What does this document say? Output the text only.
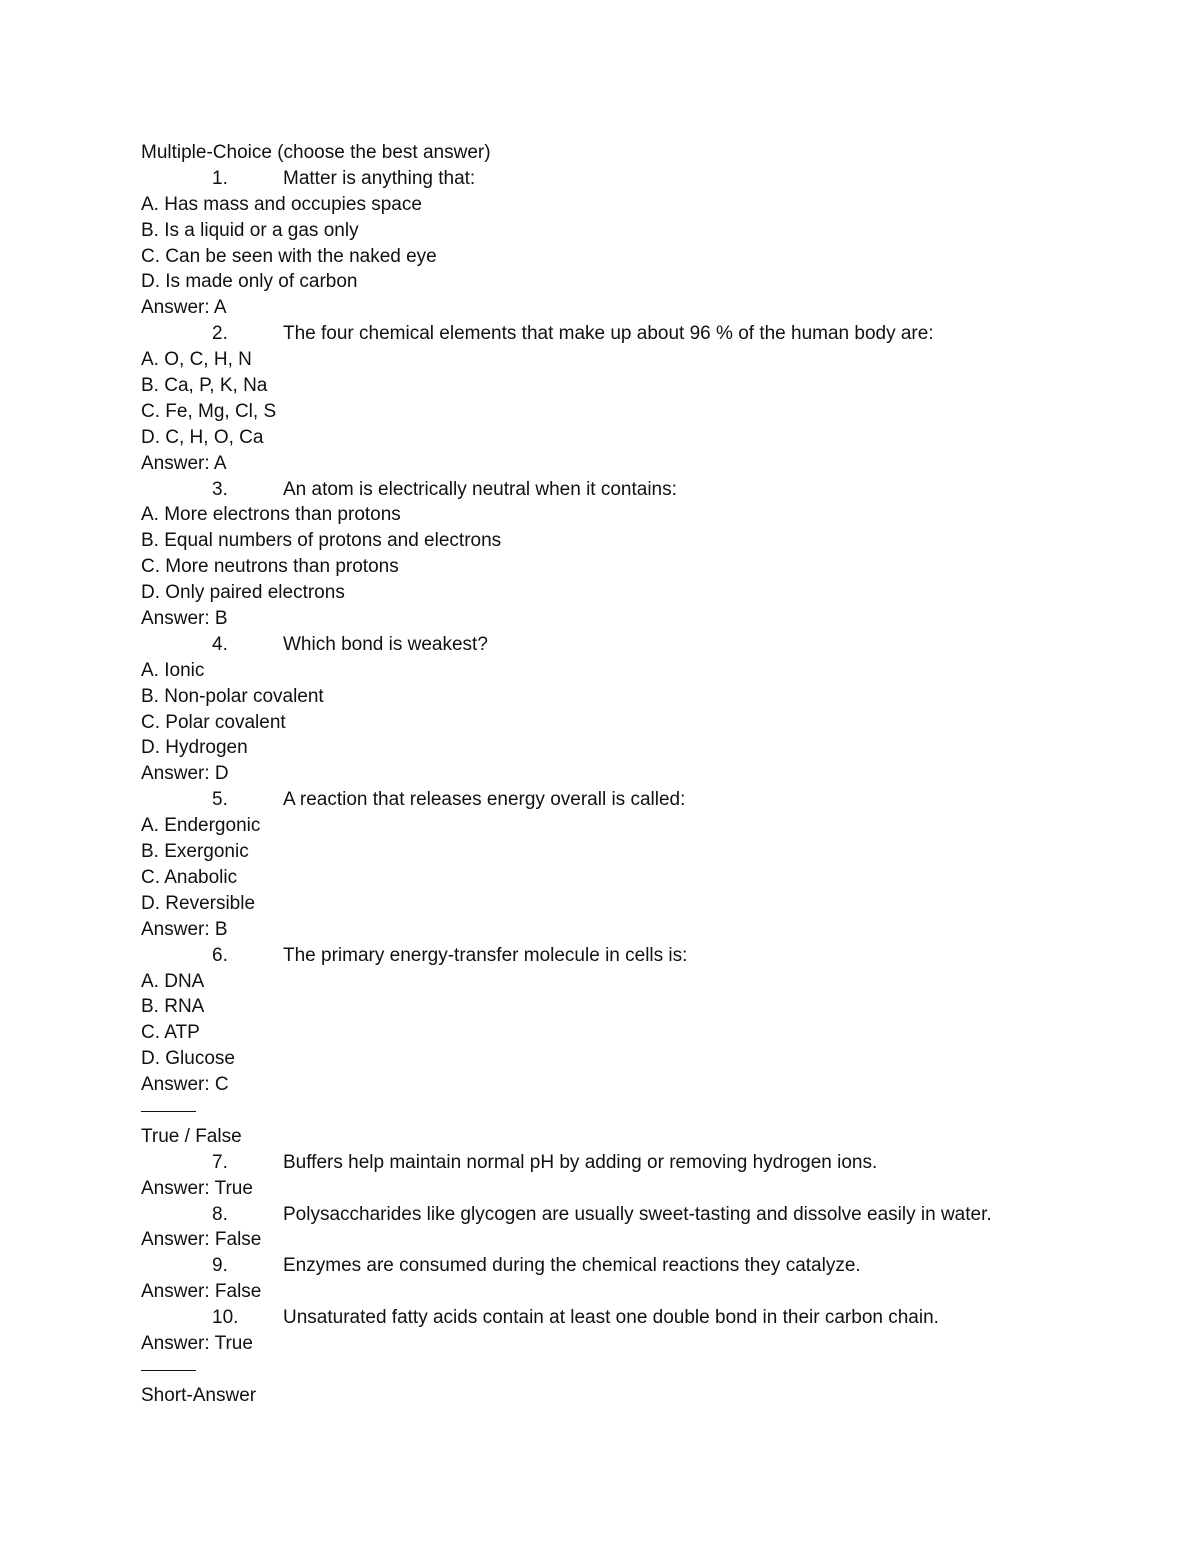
Multiple-Choice (choose the best answer)
1.	Matter is anything that:
A. Has mass and occupies space
B. Is a liquid or a gas only
C. Can be seen with the naked eye
D. Is made only of carbon
Answer: A
2.	The four chemical elements that make up about 96 % of the human body are:
A. O, C, H, N
B. Ca, P, K, Na
C. Fe, Mg, Cl, S
D. C, H, O, Ca
Answer: A
3.	An atom is electrically neutral when it contains:
A. More electrons than protons
B. Equal numbers of protons and electrons
C. More neutrons than protons
D. Only paired electrons
Answer: B
4.	Which bond is weakest?
A. Ionic
B. Non-polar covalent
C. Polar covalent
D. Hydrogen
Answer: D
5.	A reaction that releases energy overall is called:
A. Endergonic
B. Exergonic
C. Anabolic
D. Reversible
Answer: B
6.	The primary energy-transfer molecule in cells is:
A. DNA
B. RNA
C. ATP
D. Glucose
Answer: C
True / False
7.	Buffers help maintain normal pH by adding or removing hydrogen ions.
Answer: True
8.	Polysaccharides like glycogen are usually sweet-tasting and dissolve easily in water.
Answer: False
9.	Enzymes are consumed during the chemical reactions they catalyze.
Answer: False
10.	Unsaturated fatty acids contain at least one double bond in their carbon chain.
Answer: True
Short-Answer
